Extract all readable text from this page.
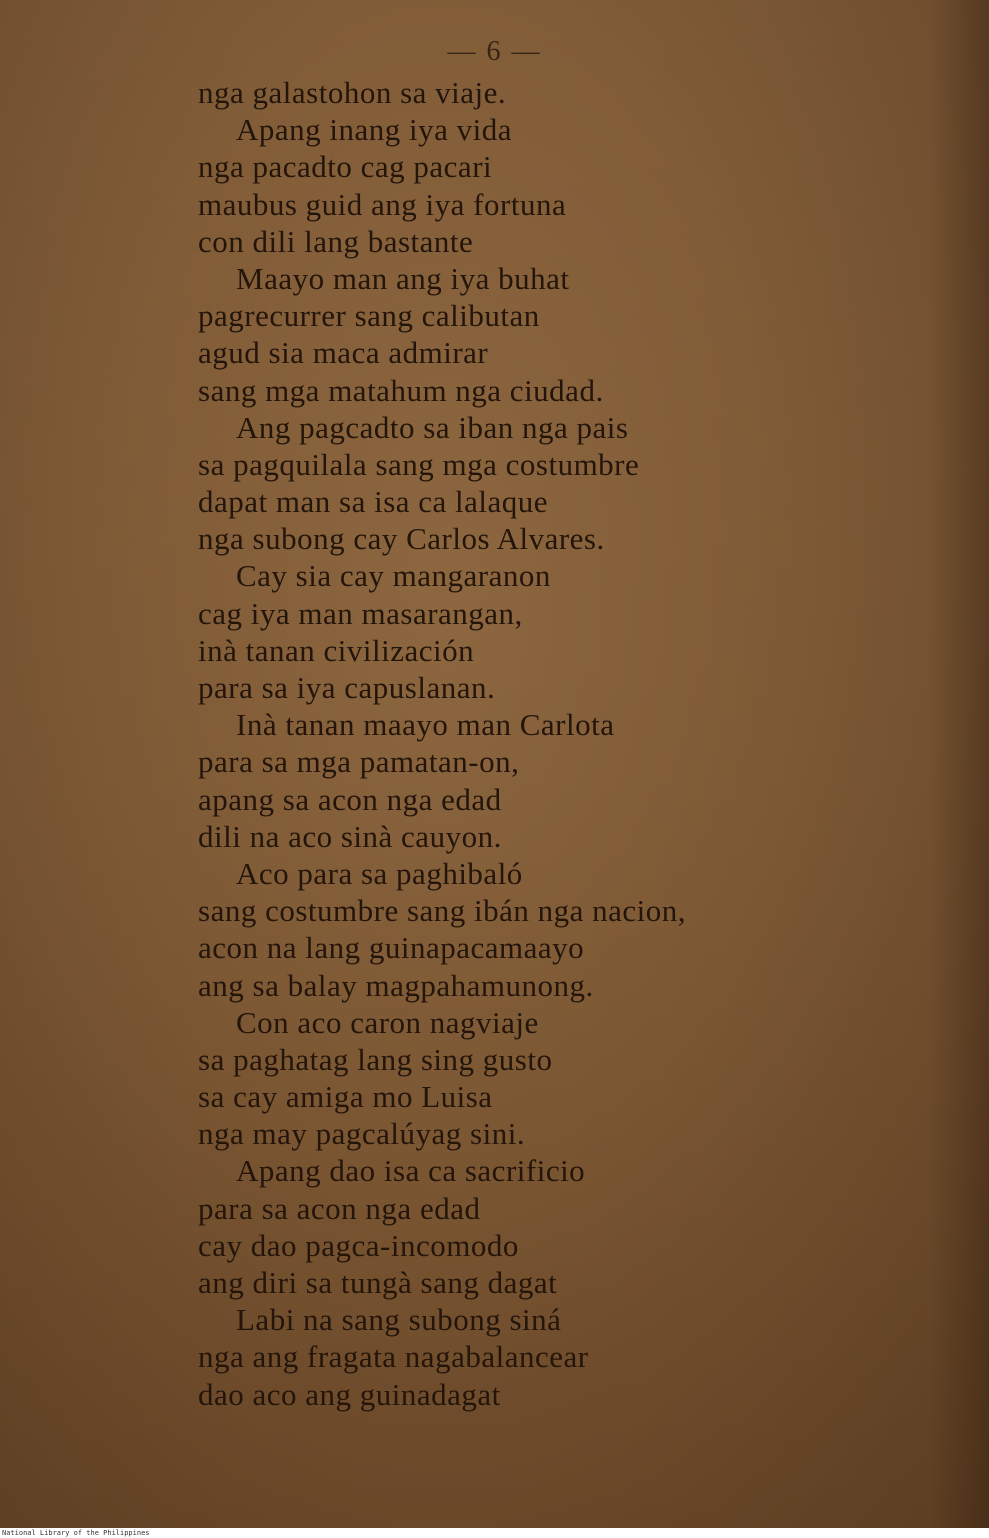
— 6 —
nga galastohon sa viaje.
Apang inang iya vida
nga pacadto cag pacari
maubus guid ang iya fortuna
con dili lang bastante
Maayo man ang iya buhat
pagrecurrer sang calibutan
agud sia maca admirar
sang mga matahum nga ciudad.
Ang pagcadto sa iban nga pais
sa pagquilala sang mga costumbre
dapat man sa isa ca lalaque
nga subong cay Carlos Alvares.
Cay sia cay mangaranon
cag iya man masarangan,
inà tanan civilización
para sa iya capuslanan.
Inà tanan maayo man Carlota
para sa mga pamatan-on,
apang sa acon nga edad
dili na aco sinà cauyon.
Aco para sa paghibaló
sang costumbre sang ibán nga nacion,
acon na lang guinapacamaayo
ang sa balay magpahamunong.
Con aco caron nagviaje
sa paghatag lang sing gusto
sa cay amiga mo Luisa
nga may pagcalúyag sini.
Apang dao isa ca sacrificio
para sa acon nga edad
cay dao pagca-incomodo
ang diri sa tungà sang dagat
Labi na sang subong siná
nga ang fragata nagabalancear
dao aco ang guinadagat
National Library of the Philippines
